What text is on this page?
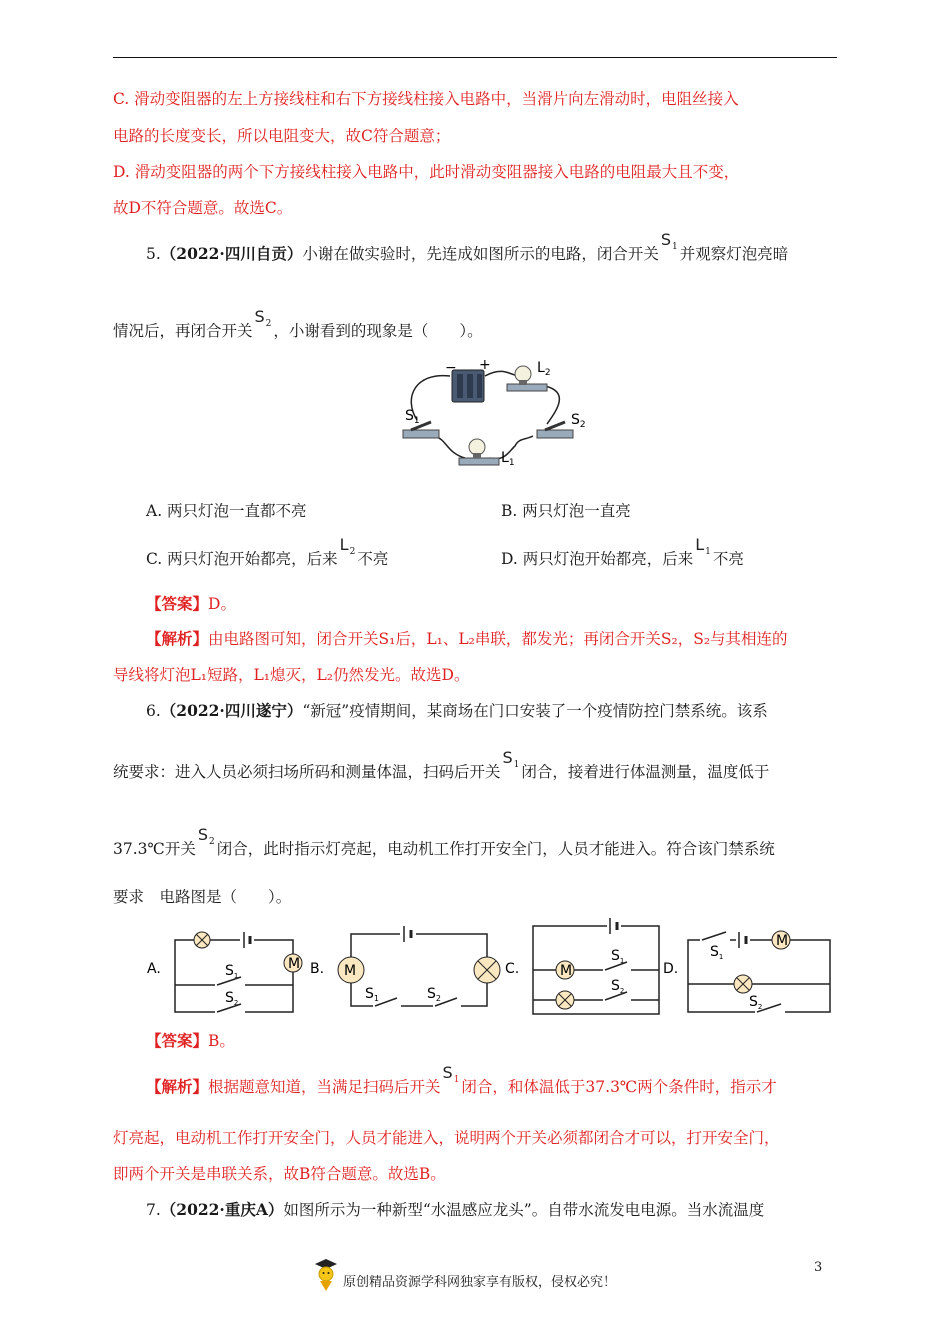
C. 滑动变阻器的左上方接线柱和右下方接线柱接入电路中，当滑片向左滑动时，电阻丝接入
电路的长度变长，所以电阻变大，故C符合题意；
D. 滑动变阻器的两个下方接线柱接入电路中，此时滑动变阻器接入电路的电阻最大且不变，
故D不符合题意。故选C。
5.（2022·四川自贡）小谢在做实验时，先连成如图所示的电路，闭合开关$S^1$ 并观察灯泡亮暗
情况后，再闭合开关$S^2$ ，小谢看到的现象是（　　）。
+
−	$L_2$
$S_1$	$S_2$
$L_1$
A. 两只灯泡一直都不亮	B. 两只灯泡一直亮
C. 两只灯泡开始都亮，后来$L^2$ 不亮	D. 两只灯泡开始都亮，后来$L^1$ 不亮
【答案】D。
【解析】由电路图可知，闭合开关S₁后，L₁、L₂串联，都发光；再闭合开关S₂，S₂与其相连的
导线将灯泡L₁短路，L₁熄灭，L₂仍然发光。故选D。
6.（2022·四川遂宁）“新冠”疫情期间，某商场在门口安装了一个疫情防控门禁系统。该系
统要求：进入人员必须扫场所码和测量体温，扫码后开关$S^1$ 闭合，接着进行体温测量，温度低于
37.3℃开关$S^2$ 闭合，此时指示灯亮起，电动机工作打开安全门，人员才能进入。符合该门禁系统
要求　电路图是（　　）。
A.	M
$S_1$
$S_2$
B. M
$S_1$	$S_2$
C.	M
$S_1$
$S_2$
D.
$S_1$
M
$S_2$
【答案】B。
【解析】根据题意知道，当满足扫码后开关$S^1$ 闭合，和体温低于37.3℃两个条件时，指示才
灯亮起，电动机工作打开安全门，人员才能进入，说明两个开关必须都闭合才可以，打开安全门，
即两个开关是串联关系，故B符合题意。故选B。
7.（2022·重庆A）如图所示为一种新型“水温感应龙头”。自带水流发电电源。当水流温度
3
原创精品资源学科网独家享有版权，侵权必究！
